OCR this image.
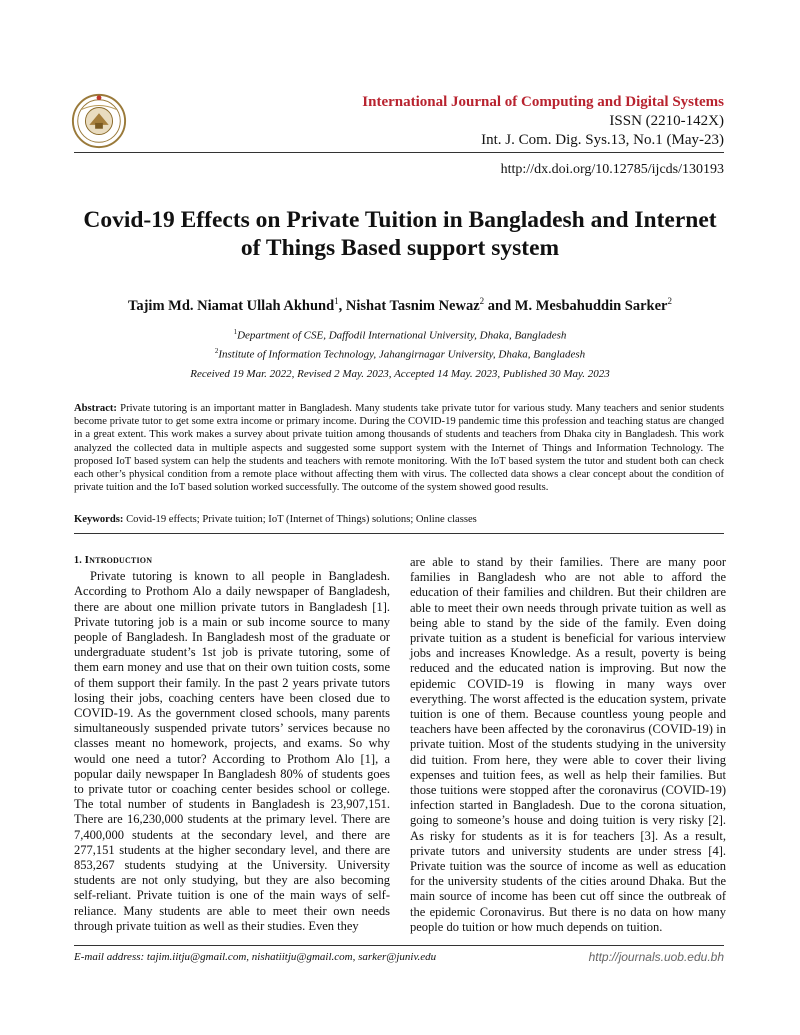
International Journal of Computing and Digital Systems
ISSN (2210-142X)
Int. J. Com. Dig. Sys.13, No.1 (May-23)
http://dx.doi.org/10.12785/ijcds/130193
Covid-19 Effects on Private Tuition in Bangladesh and Internet
of Things Based support system
Tajim Md. Niamat Ullah Akhund$^1$, Nishat Tasnim Newaz$^2$ and M. Mesbahuddin Sarker$^2$
$^1$Department of CSE, Daffodil International University, Dhaka, Bangladesh
$^2$Institute of Information Technology, Jahangirnagar University, Dhaka, Bangladesh
Received 19 Mar. 2022, Revised 2 May. 2023, Accepted 14 May. 2023, Published 30 May. 2023
Abstract: Private tutoring is an important matter in Bangladesh. Many students take private tutor for various study. Many teachers and senior students become private tutor to get some extra income or primary income. During the COVID-19 pandemic time this profession and teaching status are changed in a great extent. This work makes a survey about private tuition among thousands of students and teachers from Dhaka city in Bangladesh. This work analyzed the collected data in multiple aspects and suggested some support system with the Internet of Things and Information Technology. The proposed IoT based system can help the students and teachers with remote monitoring. With the IoT based system the tutor and student both can check each other’s physical condition from a remote place without affecting them with virus. The collected data shows a clear concept about the condition of private tuition and the IoT based solution worked successfully. The outcome of the system showed good results.
Keywords: Covid-19 effects; Private tuition; IoT (Internet of Things) solutions; Online classes
1. Introduction

Private tutoring is known to all people in Bangladesh. According to Prothom Alo a daily newspaper of Bangladesh, there are about one million private tutors in Bangladesh [1]. Private tutoring job is a main or sub income source to many people of Bangladesh. In Bangladesh most of the graduate or undergraduate student’s 1st job is private tutoring, some of them earn money and use that on their own tuition costs, some of them support their family. In the past 2 years private tutors losing their jobs, coaching centers have been closed due to COVID-19. As the government closed schools, many parents simultaneously suspended private tutors’ services because no classes meant no homework, projects, and exams. So why would one need a tutor? According to Prothom Alo [1], a popular daily newspaper In Bangladesh 80% of students goes to private tutor or coaching center besides school or college. The total number of students in Bangladesh is 23,907,151. There are 16,230,000 students at the primary level. There are 7,400,000 students at the secondary level, and there are 277,151 students at the higher secondary level, and there are 853,267 students studying at the University. University students are not only studying, but they are also becoming self-reliant. Private tuition is one of the main ways of self-reliance. Many students are able to meet their own needs through private tuition as well as their studies. Even they

are able to stand by their families. There are many poor families in Bangladesh who are not able to afford the education of their families and children. But their children are able to meet their own needs through private tuition as well as being able to stand by the side of the family. Even doing private tuition as a student is beneficial for various interview jobs and increases Knowledge. As a result, poverty is being reduced and the educated nation is improving. But now the epidemic COVID-19 is flowing in many ways over everything. The worst affected is the education system, private tuition is one of them. Because countless young people and teachers have been affected by the coronavirus (COVID-19) in private tuition. Most of the students studying in the university did tuition. From here, they were able to cover their living expenses and tuition fees, as well as help their families. But those tuitions were stopped after the coronavirus (COVID-19) infection started in Bangladesh. Due to the corona situation, going to someone’s house and doing tuition is very risky [2]. As risky for students as it is for teachers [3]. As a result, private tutors and university students are under stress [4]. Private tuition was the source of income as well as education for the university students of the cities around Dhaka. But the main source of income has been cut off since the outbreak of the epidemic Coronavirus. But there is no data on how many people do tuition or how much depends on tuition.

E-mail address: tajim.iitju@gmail.com, nishatiitju@gmail.com, sarker@juniv.edu	http://journals.uob.edu.bh
